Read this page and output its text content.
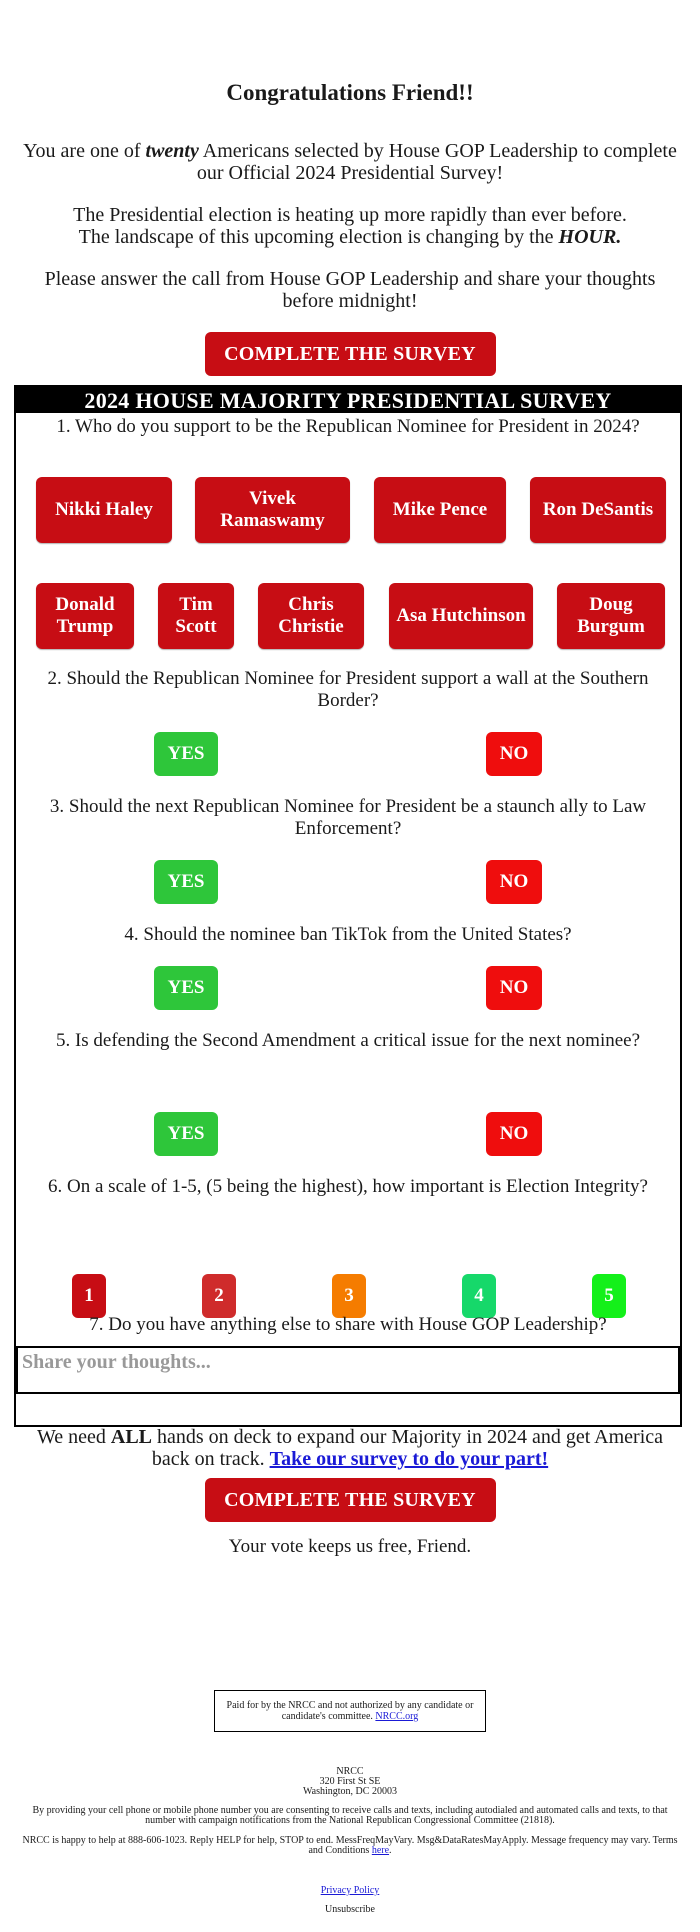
Congratulations Friend!!

You are one of twenty Americans selected by House GOP Leadership to complete our Official 2024 Presidential Survey!

The Presidential election is heating up more rapidly than ever before.
The landscape of this upcoming election is changing by the HOUR.

Please answer the call from House GOP Leadership and share your thoughts before midnight!

COMPLETE THE SURVEY
2024 HOUSE MAJORITY PRESIDENTIAL SURVEY
1. Who do you support to be the Republican Nominee for President in 2024?
Nikki Haley
Vivek Ramaswamy
Mike Pence	Ron DeSantis
Donald Trump
Tim Scott
Chris Christie
Asa Hutchinson
Doug Burgum
2. Should the Republican Nominee for President support a wall at the Southern Border?
YES	NO
3. Should the next Republican Nominee for President be a staunch ally to Law Enforcement?
YES	NO
4. Should the nominee ban TikTok from the United States?
YES	NO
5. Is defending the Second Amendment a critical issue for the next nominee?
YES	NO
6. On a scale of 1-5, (5 being the highest), how important is Election Integrity?
1	2	3	4	5
7. Do you have anything else to share with House GOP Leadership?
Share your thoughts...

We need ALL hands on deck to expand our Majority in 2024 and get America back on track. Take our survey to do your part!

COMPLETE THE SURVEY
Your vote keeps us free, Friend.
Paid for by the NRCC and not authorized by any candidate or candidate's committee. NRCC.org

NRCC

320 First St SE

Washington, DC 20003

By providing your cell phone or mobile phone number you are consenting to receive calls and texts, including autodialed and automated calls and texts, to that number with campaign notifications from the National Republican Congressional Committee (21818).
NRCC is happy to help at 888-606-1023. Reply HELP for help, STOP to end. MessFreqMayVary. Msg&DataRatesMayApply. Message frequency may vary. Terms and Conditions here.
Privacy Policy
Unsubscribe
